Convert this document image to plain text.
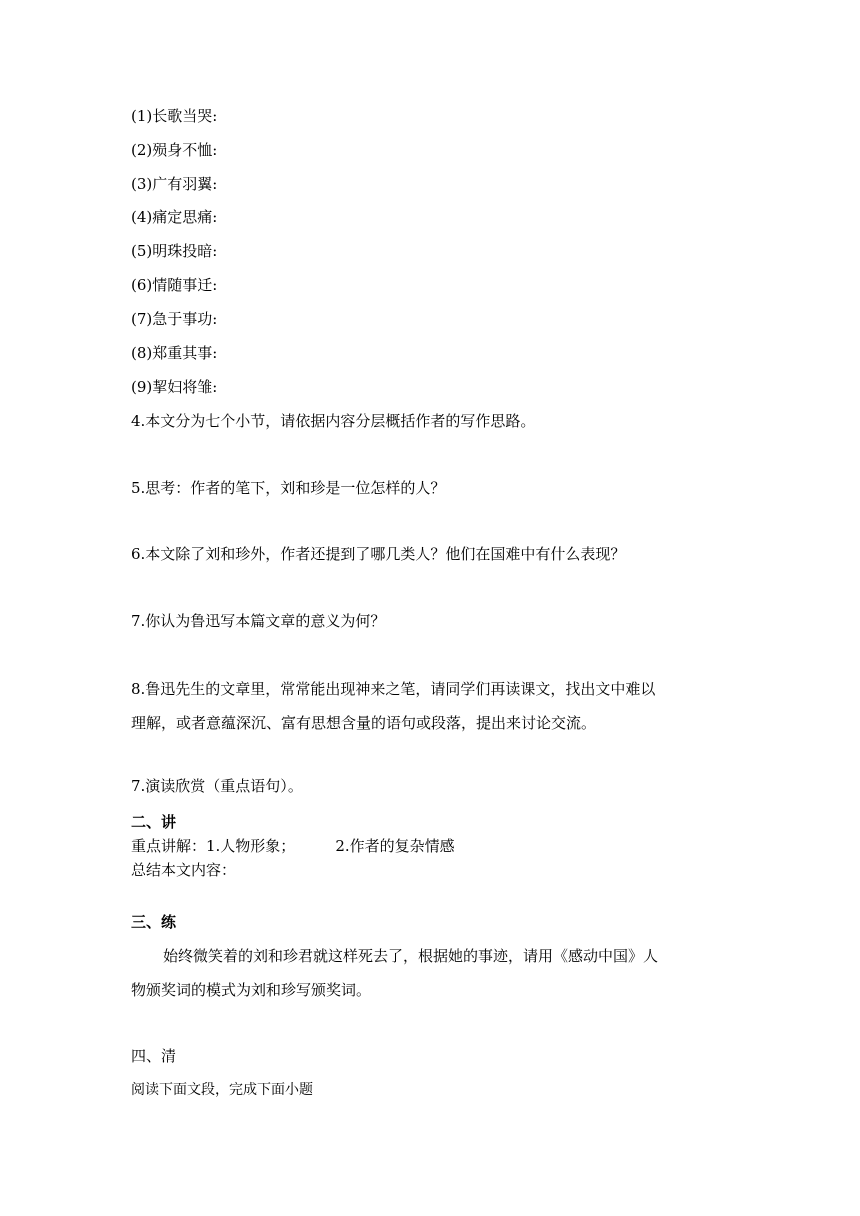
(1)长歌当哭:
(2)殒身不恤:
(3)广有羽翼:
(4)痛定思痛:
(5)明珠投暗:
(6)情随事迁:
(7)急于事功:
(8)郑重其事:
(9)挈妇将雏:
4.本文分为七个小节，请依据内容分层概括作者的写作思路。
5.思考：作者的笔下，刘和珍是一位怎样的人？
6.本文除了刘和珍外，作者还提到了哪几类人？他们在国难中有什么表现？
7.你认为鲁迅写本篇文章的意义为何？
8.鲁迅先生的文章里，常常能出现神来之笔，请同学们再读课文，找出文中难以
理解，或者意蕴深沉、富有思想含量的语句或段落，提出来讨论交流。
7.演读欣赏（重点语句）。
二、讲
重点讲解：1.人物形象；	2.作者的复杂情感
总结本文内容：
三、练
始终微笑着的刘和珍君就这样死去了，根据她的事迹，请用《感动中国》人
物颁奖词的模式为刘和珍写颁奖词。
四、清
阅读下面文段，完成下面小题
